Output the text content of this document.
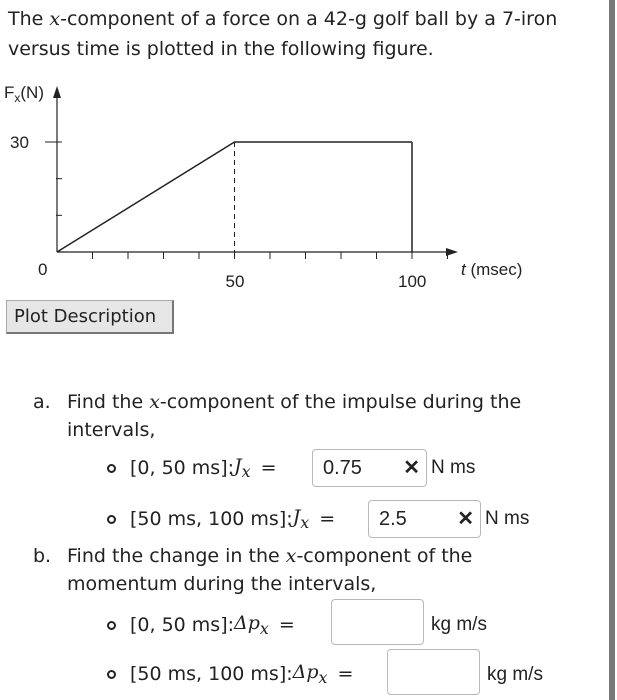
The x-component of a force on a 42-g golf ball by a 7-iron
versus time is plotted in the following figure.
$F_x(N)$
t (msec)
0
50	100
30
Plot Description
a. Find the x-component of the impulse during the
intervals,
[0, 50 ms]: $J_x = 0.75$ ✕ N ms
[50 ms, 100 ms]: $J_x = 2.5$	✕ N ms
b. Find the change in the x-component of the
momentum during the intervals,
[0, 50 ms]: $\Delta p_x$ =	kg m/s
[50 ms, 100 ms]: $\Delta p_x$ =	kg m/s
